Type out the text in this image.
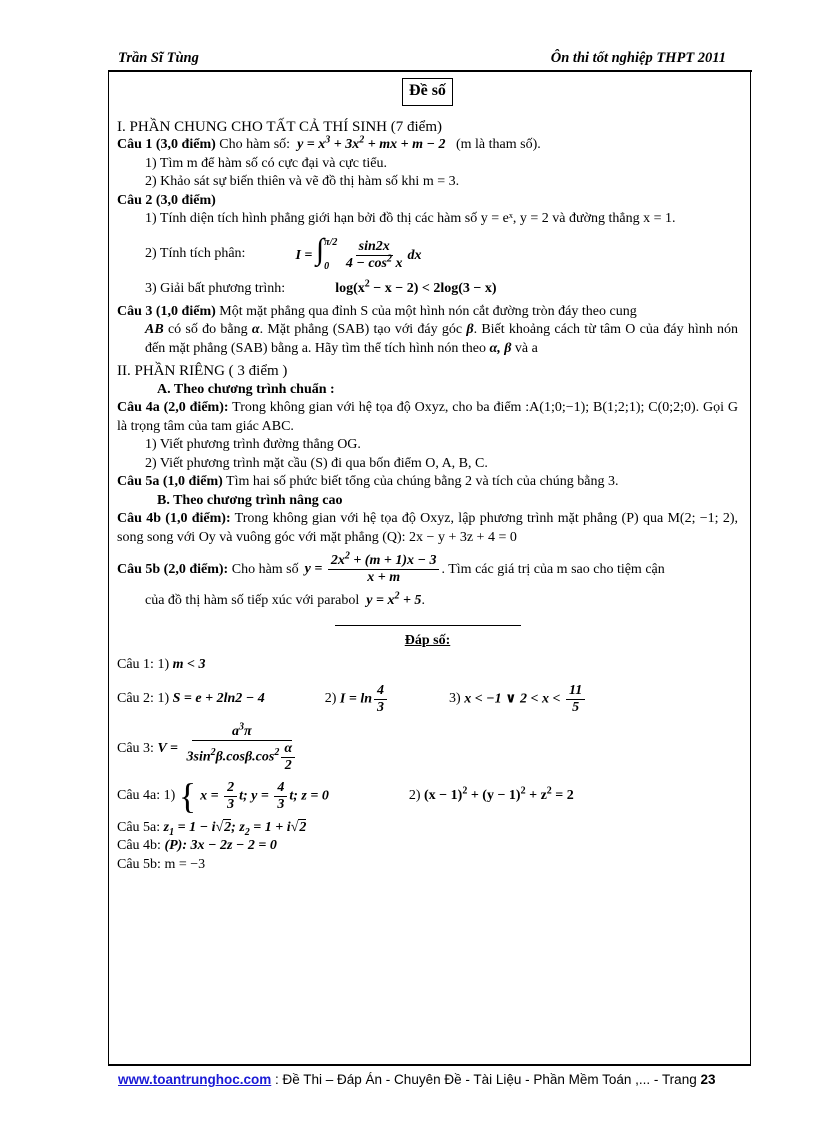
Trần Sĩ Tùng	Ôn thi tốt nghiệp THPT 2011
Đề số
I. PHẦN CHUNG CHO TẤT CẢ THÍ SINH (7 điểm)
Câu 1 (3,0 điểm) Cho hàm số:  $y = x^3 + 3x^2$ + mx + m − 2 (m là tham số).
1) Tìm m để hàm số có cực đại và cực tiểu.
2) Khảo sát sự biến thiên và vẽ đồ thị hàm số khi m = 3.
Câu 2 (3,0 điểm)
1) Tính diện tích hình phẳng giới hạn bởi đồ thị các hàm số y = eˣ, y = 2 và đường thẳng x = 1.
2) Tính tích phân:	I = ∫ π/2
0
$\frac{\sin 2x}{4 - \cos^2 x}$ dx
3) Giải bất phương trình:	$\log(x^2 - x - 2) < 2\log(3 - x)$
Câu 3 (1,0 điểm) Một mặt phẳng qua đỉnh S của một hình nón cắt đường tròn đáy theo cung
AB có số đo bằng α. Mặt phẳng (SAB) tạo với đáy góc β. Biết khoảng cách từ tâm O của đáy hình nón đến mặt phẳng (SAB) bằng a. Hãy tìm thể tích hình nón theo α, β và a
II. PHẦN RIÊNG ( 3 điểm )
A. Theo chương trình chuẩn :
Câu 4a (2,0 điểm): Trong không gian với hệ tọa độ Oxyz, cho ba điểm :A(1;0;−1); B(1;2;1); C(0;2;0). Gọi G là trọng tâm của tam giác ABC.
1) Viết phương trình đường thẳng OG.
2) Viết phương trình mặt cầu (S) đi qua bốn điểm O, A, B, C.
Câu 5a (1,0 điểm) Tìm hai số phức biết tổng của chúng bằng 2 và tích của chúng bằng 3.
B. Theo chương trình nâng cao
Câu 4b (1,0 điểm): Trong không gian với hệ tọa độ Oxyz, lập phương trình mặt phẳng (P) qua M(2; −1; 2), song song với Oy và vuông góc với mặt phẳng (Q): 2x − y + 3z + 4 = 0
Câu 5b (2,0 điểm):
Cho hàm số $y = \frac{2x^2 + (m + 1)x - 3}{x + m}$ . Tìm các giá trị của m sao cho tiệm cận
của đồ thị hàm số tiếp xúc với parabol  $y = x^2 + 5$.
Đáp số:
Câu 1: 1) m < 3
Câu 2: 1)
S = e + 2ln2 − 4	2)
$I = \ln \frac{4}{3}$	3)
x < −1 ∨ $2 < x < \frac{11}{5}$
Câu 3:
$V = \frac{a^3\pi}{3\sin^2\beta.\cos\beta.\cos^2 \frac{\alpha}{2}}$
Câu 4a: 1)
{ $x = \frac{2}{3} t$; $y = \frac{4}{3} t$; z = 0	2)
$(x - 1)^2 + (y - 1)^2 + z^2 = 2$
Câu 5a: $z_1 = 1 - i√2$; $z_2 = 1 + i√2$
Câu 4b: (P): 3x − 2z − 2 = 0
Câu 5b: m = −3
www.toantrunghoc.com : Đề Thi – Đáp Án - Chuyên Đề - Tài Liệu - Phần Mềm Toán ,... - Trang 23
